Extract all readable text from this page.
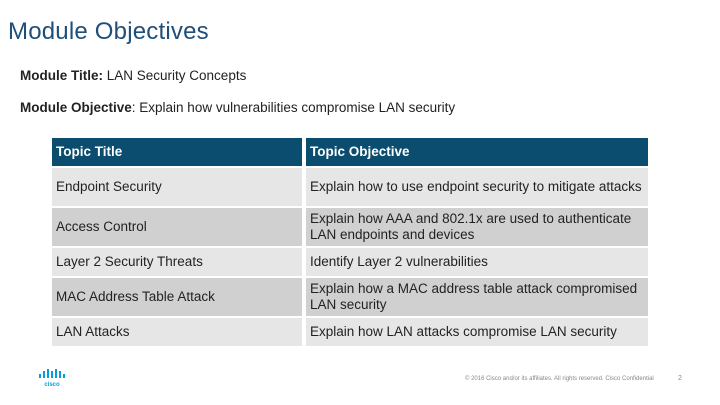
Module Objectives
Module Title: LAN Security Concepts
Module Objective: Explain how vulnerabilities compromise LAN security
Topic Title		Topic Objective
Endpoint Security		Explain how to use endpoint security to mitigate attacks
Access Control		Explain how AAA and 802.1x are used to authenticate LAN endpoints and devices
Layer 2 Security Threats		Identify Layer 2 vulnerabilities
MAC Address Table Attack		Explain how a MAC address table attack compromised LAN security
LAN Attacks		Explain how LAN attacks compromise LAN security
cisco
© 2016 Cisco and/or its affiliates. All rights reserved. Cisco Confidential	2
